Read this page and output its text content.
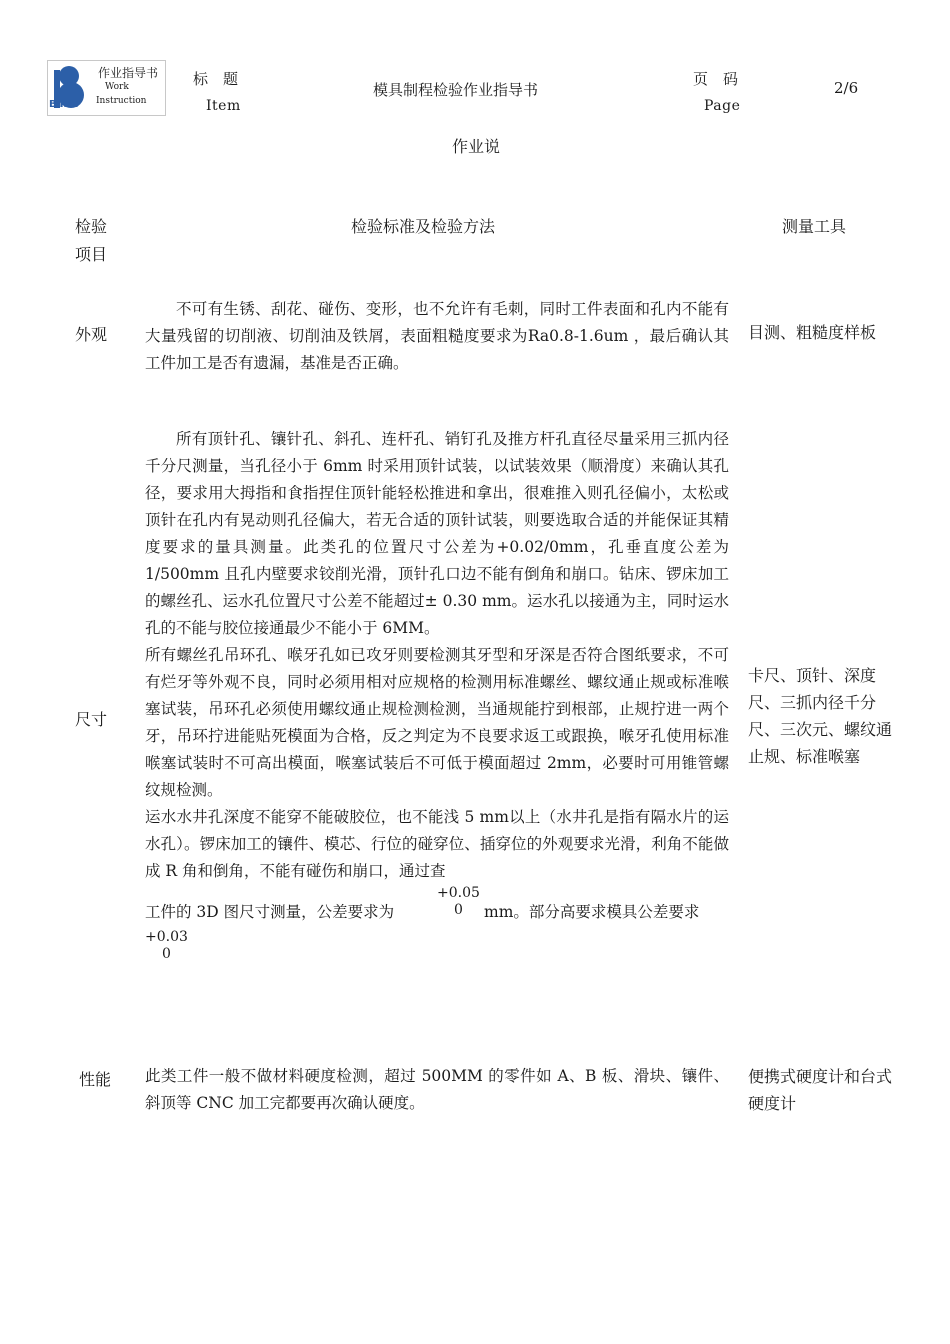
Basis
作业指导书
Work
Instruction
标　题
Item
模具制程检验作业指导书
页　码
Page
2/6
作业说
检验
项目
检验标准及检验方法	测量工具
外观
不可有生锈、刮花、碰伤、变形，也不允许有毛刺，同时工件表面和孔内不能有大量残留的切削液、切削油及铁屑，表面粗糙度要求为Ra0.8-1.6um ，最后确认其工件加工是否有遗漏，基准是否正确。
目测、粗糙度样板
尺寸
所有顶针孔、镶针孔、斜孔、连杆孔、销钉孔及推方杆孔直径尽量采用三抓内径千分尺测量，当孔径小于 6mm 时采用顶针试装，以试装效果（顺滑度）来确认其孔径，要求用大拇指和食指捏住顶针能轻松推进和拿出，很难推入则孔径偏小，太松或顶针在孔内有晃动则孔径偏大，若无合适的顶针试装，则要选取合适的并能保证其精度要求的量具测量。此类孔的位置尺寸公差为+0.02/0mm，孔垂直度公差为 1/500mm 且孔内壁要求铰削光滑，顶针孔口边不能有倒角和崩口。钻床、锣床加工的螺丝孔、运水孔位置尺寸公差不能超过± 0.30 mm。运水孔以接通为主，同时运水孔的不能与胶位接通最少不能小于 6MM。
所有螺丝孔吊环孔、喉牙孔如已攻牙则要检测其牙型和牙深是否符合图纸要求，不可有烂牙等外观不良，同时必须用相对应规格的检测用标准螺丝、螺纹通止规或标准喉塞试装，吊环孔必须使用螺纹通止规检测检测，当通规能拧到根部，止规拧进一两个牙，吊环拧进能贴死模面为合格，反之判定为不良要求返工或跟换，喉牙孔使用标准喉塞试装时不可高出模面，喉塞试装后不可低于模面超过 2mm，必要时可用锥管螺纹规检测。
运水水井孔深度不能穿不能破胶位，也不能浅 5 mm以上（水井孔是指有隔水片的运水孔）。锣床加工的镶件、模芯、行位的碰穿位、插穿位的外观要求光滑，利角不能做成 R 角和倒角，不能有碰伤和崩口，通过查
工件的 3D 图尺寸测量，公差要求为
+0.05
0 mm。部分高要求模具公差要求
+0.03
0
卡尺、顶针、深度尺、三抓内径千分尺、三次元、螺纹通止规、标准喉塞
性能 此类工件一般不做材料硬度检测，超过 500MM 的零件如 A、B 板、滑块、镶件、斜顶等 CNC 加工完都要再次确认硬度。
便携式硬度计和台式硬度计
